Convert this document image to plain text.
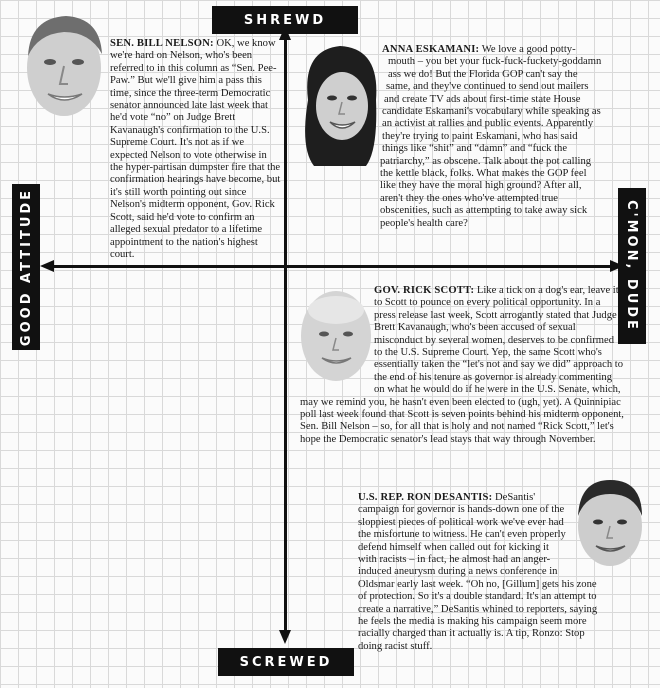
SHREWD
SCREWED
GOOD ATTITUDE	C'MON, DUDE
SEN. BILL NELSON: OK, we know we're hard on Nelson, who's been referred to in this column as “Sen. Pee-Paw.” But we'll give him a pass this time, since the three-term Democratic senator announced late last week that he'd vote “no” on Judge Brett Kavanaugh's confirmation to the U.S. Supreme Court. It's not as if we expected Nelson to vote otherwise in the hyper-partisan dumpster fire that the confirmation hearings have become, but it's still worth pointing out since Nelson's midterm opponent, Gov. Rick Scott, said he'd vote to confirm an alleged sexual predator to a lifetime appointment to the nation's highest court.
ANNA ESKAMANI: We love a good potty-mouth – you bet your fuck-fuck-fuckety-goddamn ass we do! But the Florida GOP can't say the same, and they've continued to send out mailers and create TV ads about first-time state House candidate Eskamani's vocabulary while speaking as an activist at rallies and public events. Apparently they're trying to paint Eskamani, who has said things like “shit” and “damn” and “fuck the patriarchy,” as obscene. Talk about the pot calling the kettle black, folks. What makes the GOP feel like they have the moral high ground? After all, aren't they the ones who've attempted true obscenities, such as attempting to take away sick people's health care?
GOV. RICK SCOTT: Like a tick on a dog's ear, leave it to Scott to pounce on every political opportunity. In a press release last week, Scott arrogantly stated that Judge Brett Kavanaugh, who's been accused of sexual misconduct by several women, deserves to be confirmed to the U.S. Supreme Court. Yep, the same Scott who's essentially taken the “let's not and say we did” approach to the end of his tenure as governor is already commenting on what he would do if he were in the U.S. Senate, which, may we remind you, he hasn't even been elected to (ugh, yet). A Quinnipiac poll last week found that Scott is seven points behind his midterm opponent, Sen. Bill Nelson – so, for all that is holy and not named “Rick Scott,” let's hope the Democratic senator's lead stays that way through November.
U.S. REP. RON DESANTIS: DeSantis' campaign for governor is hands-down one of the sloppiest pieces of political work we've ever had the misfortune to witness. He can't even properly defend himself when called out for kicking it with racists – in fact, he almost had an anger-induced aneurysm during a news conference in Oldsmar early last week. “Oh no, [Gillum] gets his zone of protection. So it's a double standard. It's an attempt to create a narrative,” DeSantis whined to reporters, saying he feels the media is making his campaign seem more racially charged than it actually is. A tip, Ronzo: Stop doing racist stuff.
